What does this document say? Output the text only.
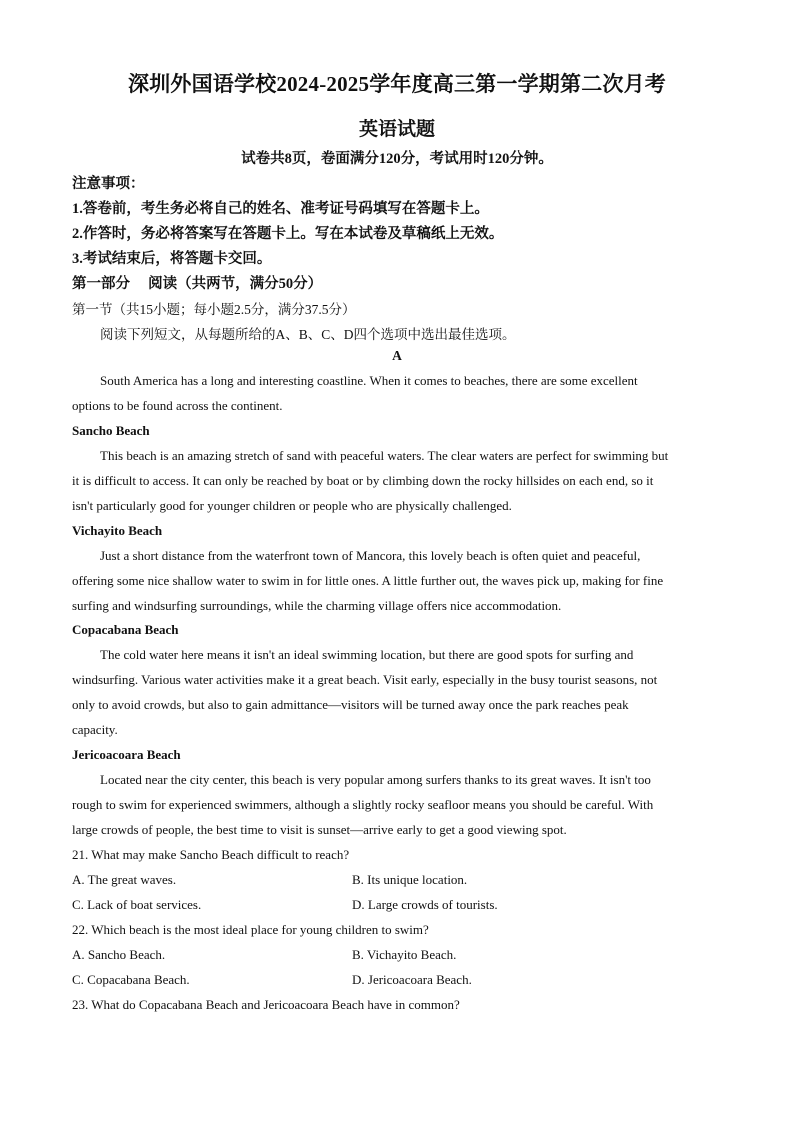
深圳外国语学校2024-2025学年度高三第一学期第二次月考
英语试题
试卷共8页，卷面满分120分，考试用时120分钟。
注意事项：
1.答卷前，考生务必将自己的姓名、准考证号码填写在答题卡上。
2.作答时，务必将答案写在答题卡上。写在本试卷及草稿纸上无效。
3.考试结束后，将答题卡交回。
第一部分　 阅读（共两节，满分50分）
第一节（共15小题；每小题2.5分，满分37.5分）
阅读下列短文，从每题所给的A、B、C、D四个选项中选出最佳选项。
A
South America has a long and interesting coastline. When it comes to beaches, there are some excellent
options to be found across the continent.
Sancho Beach
This beach is an amazing stretch of sand with peaceful waters. The clear waters are perfect for swimming but
it is difficult to access. It can only be reached by boat or by climbing down the rocky hillsides on each end, so it
isn't particularly good for younger children or people who are physically challenged.
Vichayito Beach
Just a short distance from the waterfront town of Mancora, this lovely beach is often quiet and peaceful,
offering some nice shallow water to swim in for little ones. A little further out, the waves pick up, making for fine
surfing and windsurfing surroundings, while the charming village offers nice accommodation.
Copacabana Beach
The cold water here means it isn't an ideal swimming location, but there are good spots for surfing and
windsurfing. Various water activities make it a great beach. Visit early, especially in the busy tourist seasons, not
only to avoid crowds, but also to gain admittance—visitors will be turned away once the park reaches peak
capacity.
Jericoacoara Beach
Located near the city center, this beach is very popular among surfers thanks to its great waves. It isn't too
rough to swim for experienced swimmers, although a slightly rocky seafloor means you should be careful. With
large crowds of people, the best time to visit is sunset—arrive early to get a good viewing spot.
21. What may make Sancho Beach difficult to reach?
A. The great waves.	B. Its unique location.
C. Lack of boat services.	D. Large crowds of tourists.
22. Which beach is the most ideal place for young children to swim?
A. Sancho Beach.	B. Vichayito Beach.
C. Copacabana Beach.	D. Jericoacoara Beach.
23. What do Copacabana Beach and Jericoacoara Beach have in common?
